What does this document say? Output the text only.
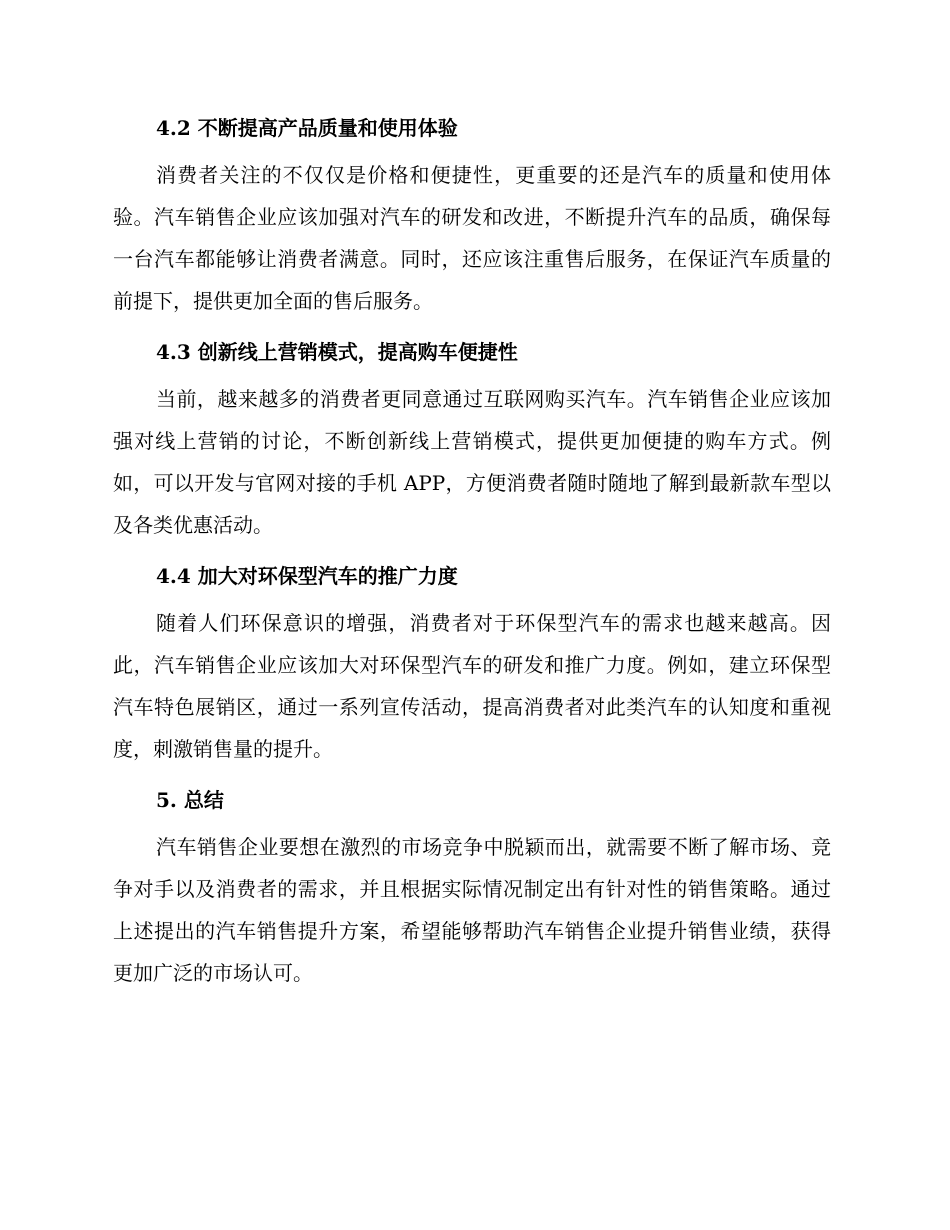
4.2 不断提高产品质量和使用体验

消费者关注的不仅仅是价格和便捷性，更重要的还是汽车的质量和使用体验。汽车销售企业应该加强对汽车的研发和改进，不断提升汽车的品质，确保每一台汽车都能够让消费者满意。同时，还应该注重售后服务，在保证汽车质量的前提下，提供更加全面的售后服务。

4.3 创新线上营销模式，提高购车便捷性

当前，越来越多的消费者更同意通过互联网购买汽车。汽车销售企业应该加强对线上营销的讨论，不断创新线上营销模式，提供更加便捷的购车方式。例如，可以开发与官网对接的手机 APP，方便消费者随时随地了解到最新款车型以及各类优惠活动。

4.4 加大对环保型汽车的推广力度

随着人们环保意识的增强，消费者对于环保型汽车的需求也越来越高。因此，汽车销售企业应该加大对环保型汽车的研发和推广力度。例如，建立环保型汽车特色展销区，通过一系列宣传活动，提高消费者对此类汽车的认知度和重视度，刺激销售量的提升。

5. 总结

汽车销售企业要想在激烈的市场竞争中脱颖而出，就需要不断了解市场、竞争对手以及消费者的需求，并且根据实际情况制定出有针对性的销售策略。通过上述提出的汽车销售提升方案，希望能够帮助汽车销售企业提升销售业绩，获得更加广泛的市场认可。
